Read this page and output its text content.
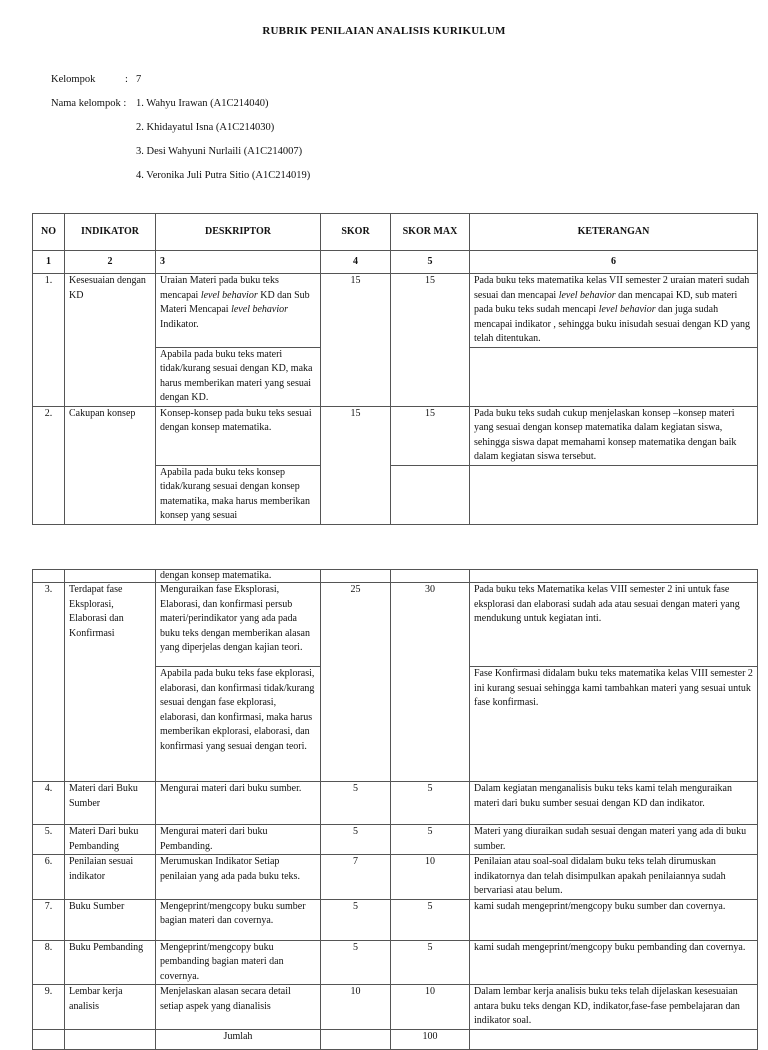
RUBRIK PENILAIAN ANALISIS KURIKULUM
Kelompok	: 7
Nama kelompok : 1. Wahyu Irawan (A1C214040)
2. Khidayatul Isna (A1C214030)
3. Desi Wahyuni Nurlaili (A1C214007)
4. Veronika Juli Putra Sitio (A1C214019)
NO	INDIKATOR	DESKRIPTOR	SKOR	SKOR MAX	KETERANGAN
1	2	3	4	5	6
1.	Kesesuaian dengan KD	Uraian Materi pada buku teks mencapai level behavior KD dan Sub Materi Mencapai level behavior Indikator.	15	15	Pada buku teks matematika kelas VII semester 2 uraian materi sudah sesuai dan mencapai level behavior dan mencapai KD, sub materi pada buku teks sudah mencapi level behavior dan juga sudah mencapai indikator , sehingga buku inisudah sesuai dengan KD yang telah ditentukan.
		Apabila pada buku teks materi tidak/kurang sesuai dengan KD, maka harus memberikan materi yang sesuai dengan KD.			
2.	Cakupan konsep	Konsep-konsep pada buku teks sesuai dengan konsep matematika.	15	15	Pada buku teks sudah cukup menjelaskan konsep –konsep materi yang sesuai dengan konsep matematika dalam kegiatan siswa, sehingga siswa dapat memahami konsep matematika dengan baik dalam kegiatan siswa tersebut.
		Apabila pada buku teks konsep tidak/kurang sesuai dengan konsep matematika, maka harus memberikan konsep yang sesuai			
		dengan konsep matematika.			
3.	Terdapat fase Eksplorasi, Elaborasi dan Konfirmasi	Menguraikan fase Eksplorasi, Elaborasi, dan konfirmasi persub materi/perindikator yang ada pada buku teks dengan memberikan alasan yang diperjelas dengan kajian teori.	25	30	Pada buku teks Matematika kelas VIII semester 2 ini untuk fase eksplorasi dan elaborasi sudah ada atau sesuai dengan materi yang mendukung untuk kegiatan inti.
		Apabila pada buku teks fase ekplorasi, elaborasi, dan konfirmasi tidak/kurang sesuai dengan fase ekplorasi, elaborasi, dan konfirmasi, maka harus memberikan ekplorasi, elaborasi, dan konfirmasi yang sesuai dengan teori.			Fase Konfirmasi didalam buku teks matematika kelas VIII semester 2 ini kurang sesuai sehingga kami tambahkan materi yang sesuai untuk fase konfirmasi.
4.	Materi dari Buku Sumber	Mengurai materi dari buku sumber.	5	5	Dalam kegiatan menganalisis buku teks kami telah menguraikan materi dari buku sumber sesuai dengan KD dan indikator.
5.	Materi Dari buku Pembanding	Mengurai materi dari buku Pembanding.	5	5	Materi yang diuraikan sudah sesuai dengan materi yang ada di buku sumber.
6.	Penilaian sesuai indikator	Merumuskan Indikator Setiap penilaian yang ada pada buku teks.	7	10	Penilaian atau soal-soal didalam buku teks telah dirumuskan indikatornya dan telah disimpulkan apakah penilaiannya sudah bervariasi atau belum.
7.	Buku Sumber	Mengeprint/mengcopy buku sumber bagian materi dan covernya.	5	5	kami sudah mengeprint/mengcopy buku sumber dan covernya.
8.	Buku Pembanding	Mengeprint/mengcopy buku pembanding bagian materi dan covernya.	5	5	kami sudah mengeprint/mengcopy buku pembanding dan covernya.
9.	Lembar kerja analisis	Menjelaskan alasan secara detail setiap aspek yang dianalisis	10	10	Dalam lembar kerja analisis buku teks telah dijelaskan kesesuaian antara buku teks dengan KD, indikator,fase-fase pembelajaran dan indikator soal.
		Jumlah		100	
